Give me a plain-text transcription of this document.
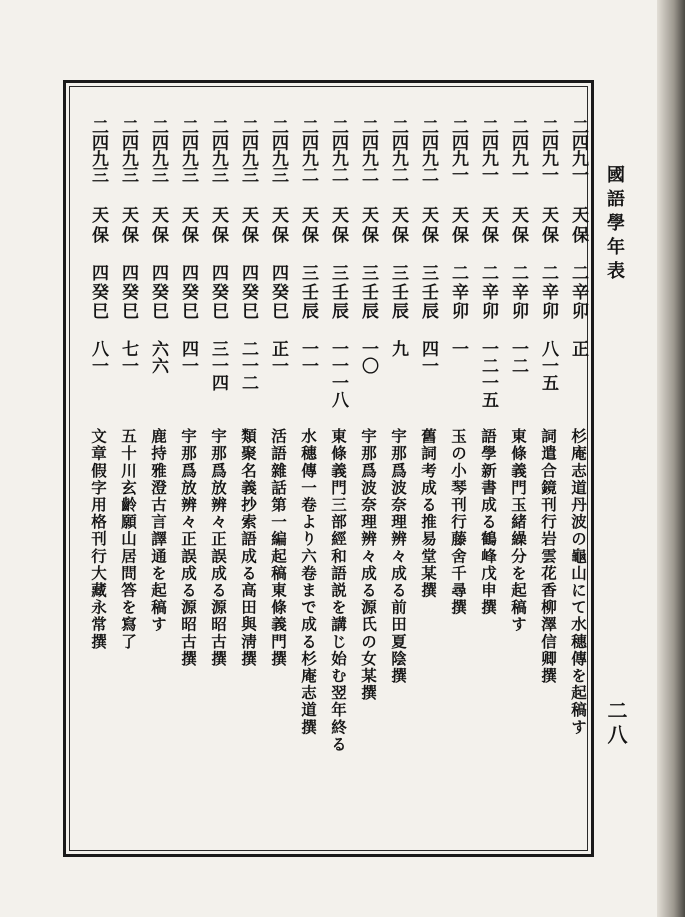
國語學年表
二八
二四九一
天保
二辛卯
正
杉庵志道丹波の龜山にて水穗傳を起稿す
二四九一
天保
二辛卯
八一五
詞遣合鏡刊行岩雲花香柳澤信卿撰
二四九一
天保
二辛卯
一二
東條義門玉緒繰分を起稿す
二四九一
天保
二辛卯
一二一五
語學新書成る鶴峰戊申撰
二四九一
天保
二辛卯
一
玉の小琴刊行藤舍千尋撰
二四九二
天保
三壬辰
四一
舊詞考成る推易堂某撰
二四九二
天保
三壬辰
九
宇那爲波奈理辨々成る前田夏陰撰
二四九二
天保
三壬辰
一〇
宇那爲波奈理辨々成る源氏の女某撰
二四九二
天保
三壬辰
一一一八
東條義門三部經和語説を講じ始む翌年終る
二四九二
天保
三壬辰
一一
水穗傳一卷より六卷まで成る杉庵志道撰
二四九三
天保
四癸巳
正一
活語雜話第一編起稿東條義門撰
二四九三
天保
四癸巳
二一二
類聚名義抄索語成る高田與淸撰
二四九三
天保
四癸巳
三一四
宇那爲放辨々正誤成る源昭古撰
二四九三
天保
四癸巳
四一
宇那爲放辨々正誤成る源昭古撰
二四九三
天保
四癸巳
六六
鹿持雅澄古言譯通を起稿す
二四九三
天保
四癸巳
七一
五十川玄齡願山居問答を寫了
二四九三
天保
四癸巳
八一
文章假字用格刊行大藏永常撰
